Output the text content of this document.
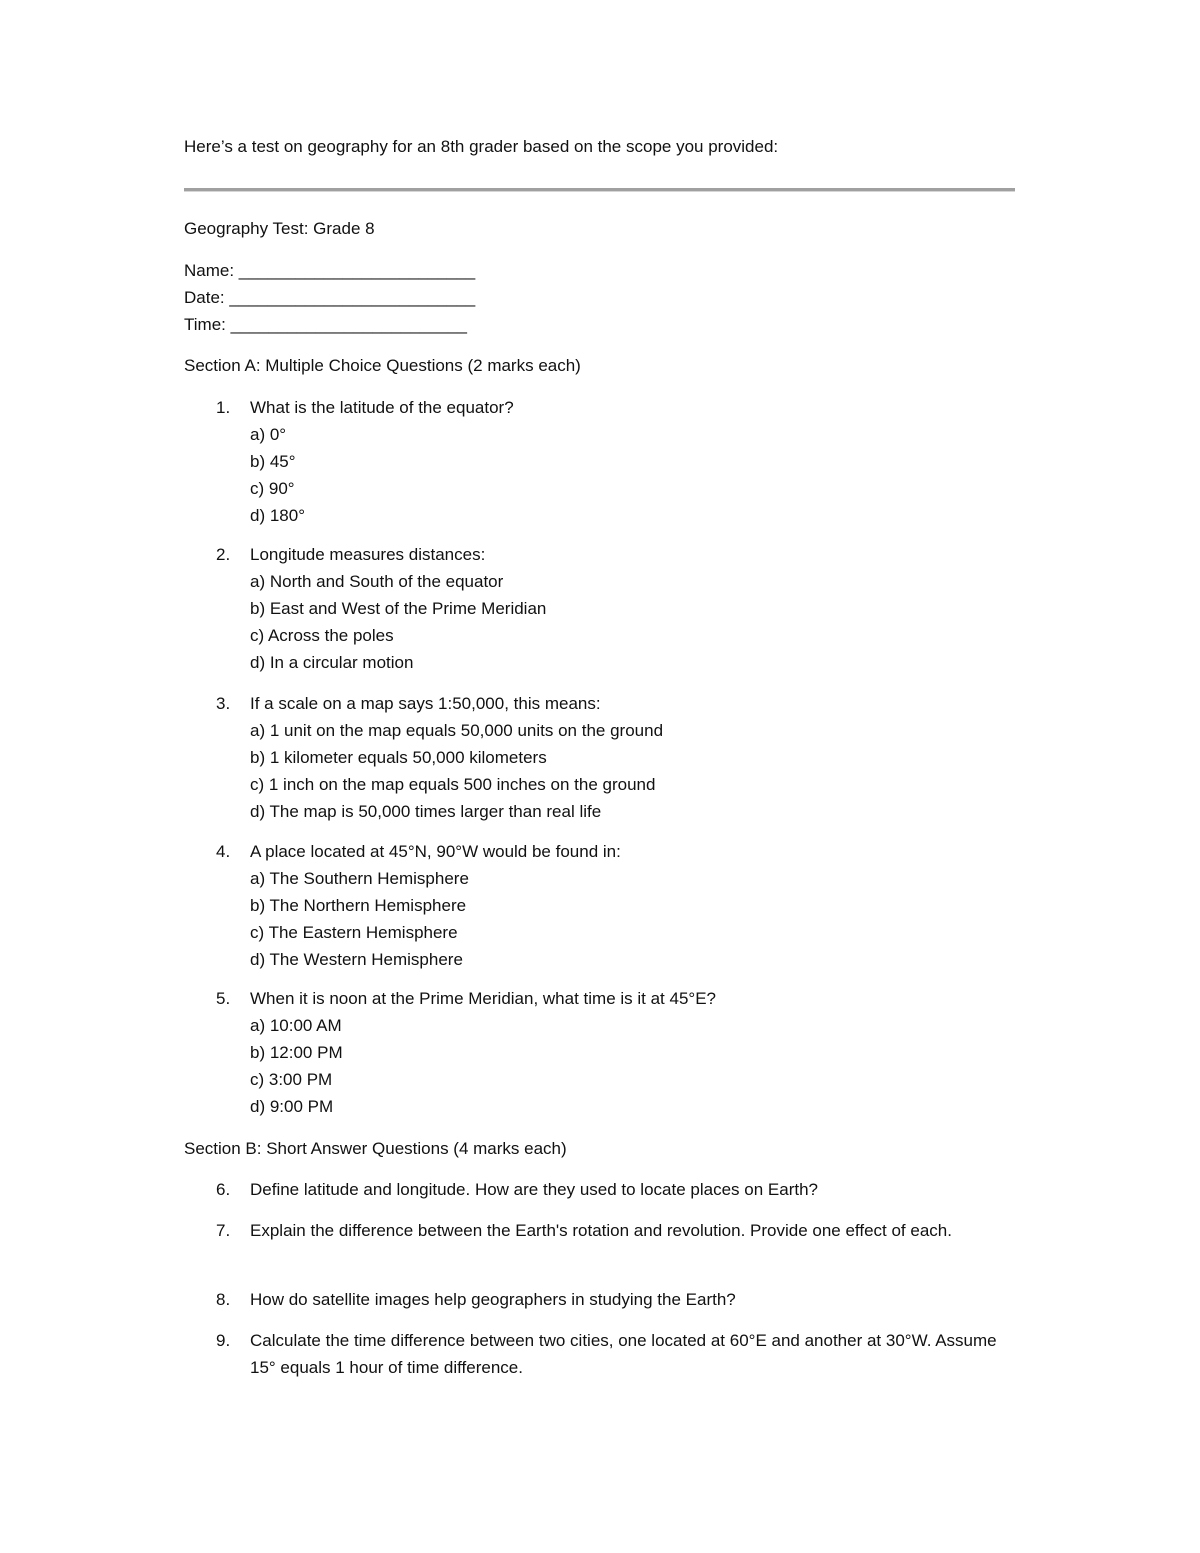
Here’s a test on geography for an 8th grader based on the scope you provided:
Geography Test: Grade 8
Name: _________________________
Date: __________________________
Time: _________________________
Section A: Multiple Choice Questions (2 marks each)
1.	What is the latitude of the equator?
a) 0°
b) 45°
c) 90°
d) 180°
2.	Longitude measures distances:
a) North and South of the equator
b) East and West of the Prime Meridian
c) Across the poles
d) In a circular motion
3.	If a scale on a map says 1:50,000, this means:
a) 1 unit on the map equals 50,000 units on the ground
b) 1 kilometer equals 50,000 kilometers
c) 1 inch on the map equals 500 inches on the ground
d) The map is 50,000 times larger than real life
4.	A place located at 45°N, 90°W would be found in:
a) The Southern Hemisphere
b) The Northern Hemisphere
c) The Eastern Hemisphere
d) The Western Hemisphere
5.	When it is noon at the Prime Meridian, what time is it at 45°E?
a) 10:00 AM
b) 12:00 PM
c) 3:00 PM
d) 9:00 PM
Section B: Short Answer Questions (4 marks each)
6.	Define latitude and longitude. How are they used to locate places on Earth?
7.	Explain the difference between the Earth's rotation and revolution. Provide one effect of each.
8.	How do satellite images help geographers in studying the Earth?
9.	Calculate the time difference between two cities, one located at 60°E and another at 30°W. Assume 15° equals 1 hour of time difference.
